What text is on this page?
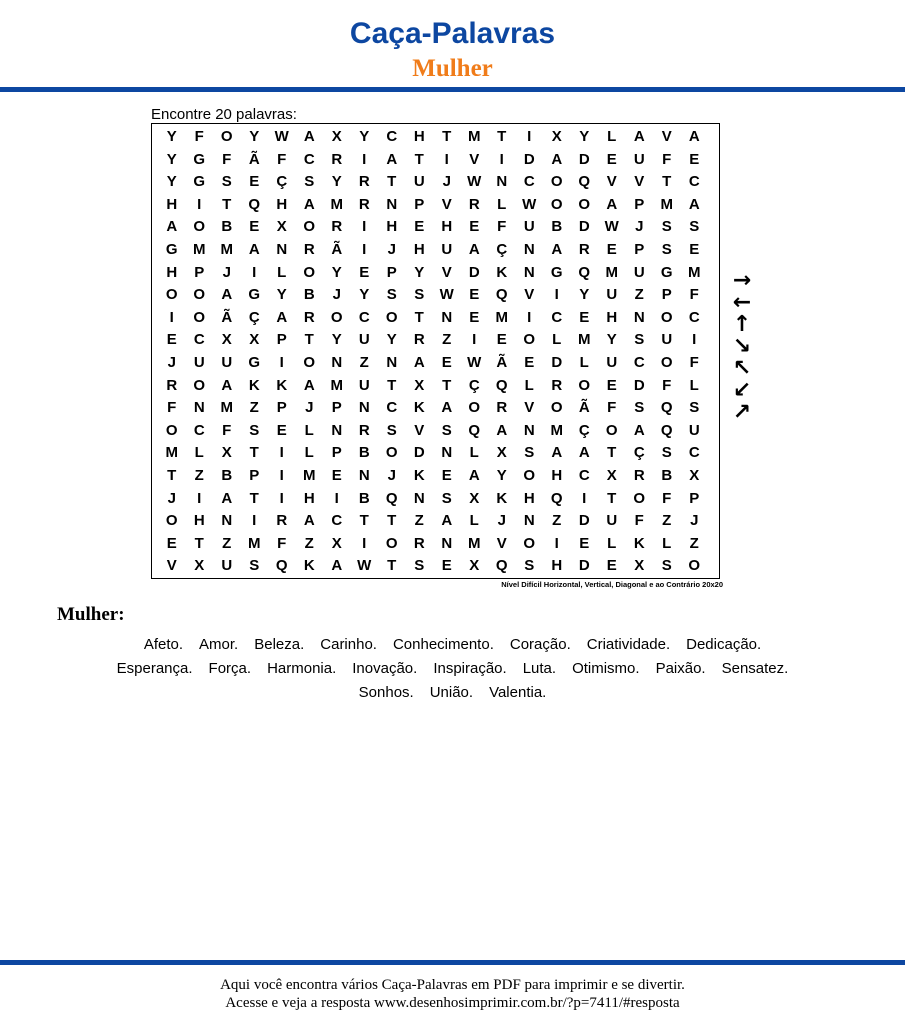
Caça-Palavras
Mulher
Encontre 20 palavras:
Y	F	O	Y	W	A	X	Y	C	H	T	M	T	I	X	Y	L	A	V	A
Y	G	F	Ã	F	C	R	I	A	T	I	V	I	D	A	D	E	U	F	E
Y	G	S	E	Ç	S	Y	R	T	U	J	W	N	C	O	Q	V	V	T	C
H	I	T	Q	H	A	M	R	N	P	V	R	L	W O	O	A	P	M	A
A	O	B	E	X	O	R	I	H	E	H	E	F	U	B	D W	J	S	S
G	M	M	A	N	R	Ã	I	J	H	U	A	Ç	N	A	R	E	P	S	E
H	P	J	I	L	O	Y	E	P	Y	V	D	K	N	G	Q	M	U	G	M
O	O	A	G	Y	B	J	Y	S	S	W	E	Q	V	I	Y	U	Z	P	F
I	O	Ã	Ç	A	R	O	C	O	T	N	E	M	I	C	E	H	N	O	C
E	C	X	X	P	T	Y	U	Y	R	Z	I	E	O	L	M	Y	S	U	I
J	U	U	G	I	O	N	Z	N	A	E	W	Ã	E	D	L	U	C	O	F
R	O	A	K	K	A	M	U	T	X	T	Ç	Q	L	R	O	E	D	F	L
F	N	M	Z	P	J	P	N	C	K	A	O	R	V	O	Ã	F	S	Q	S
O	C	F	S	E	L	N	R	S	V	S	Q	A	N	M	Ç	O	A	Q	U
M	L	X	T	I	L	P	B	O	D	N	L	X	S	A	A	T	Ç	S	C
T	Z	B	P	I	M	E	N	J	K	E	A	Y	O	H	C	X	R	B	X
J	I	A	T	I	H	I	B	Q	N	S	X	K	H	Q	I	T	O	F	P
O	H	N	I	R	A	C	T	T	Z	A	L	J	N	Z	D	U	F	Z	J
E	T	Z	M	F	Z	X	I	O	R	N	M	V	O	I	E	L	K	L	Z
V	X	U	S	Q	K	A W	T	S	E	X	Q	S	H	D	E	X	S	O
Nível Difícil Horizontal, Vertical, Diagonal e ao Contrário 20x20
→
←
↑
↘
↖
↙
↗
Mulher:
Afeto. Amor. Beleza. Carinho. Conhecimento. Coração. Criatividade. Dedicação.
Esperança. Força. Harmonia. Inovação. Inspiração. Luta. Otimismo. Paixão. Sensatez.
Sonhos. União. Valentia.
Aqui você encontra vários Caça-Palavras em PDF para imprimir e se divertir.
Acesse e veja a resposta www.desenhosimprimir.com.br/?p=7411/#resposta
